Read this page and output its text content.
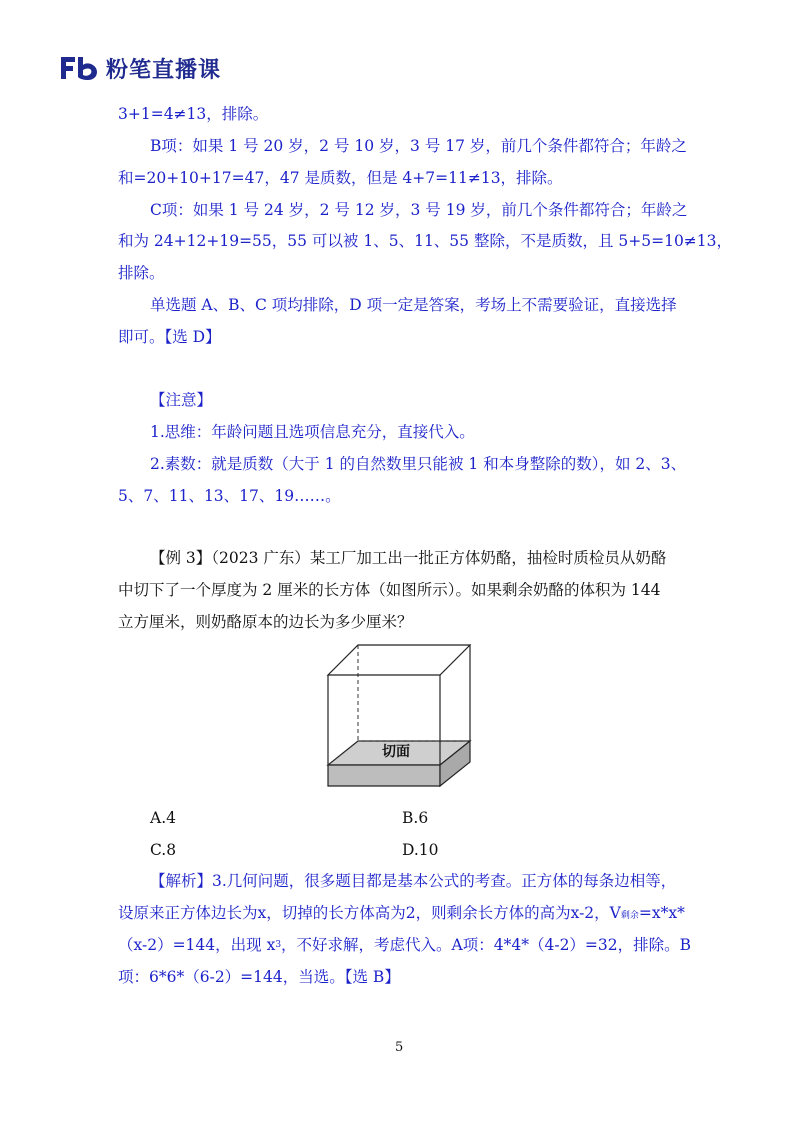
粉笔直播课
3+1=4≠13，排除。
B项：如果 1 号 20 岁，2 号 10 岁，3 号 17 岁，前几个条件都符合；年龄之
和=20+10+17=47，47 是质数，但是 4+7=11≠13，排除。
C项：如果 1 号 24 岁，2 号 12 岁，3 号 19 岁，前几个条件都符合；年龄之
和为 24+12+19=55，55 可以被 1、5、11、55 整除，不是质数，且 5+5=10≠13，
排除。
单选题 A、B、C 项均排除，D 项一定是答案，考场上不需要验证，直接选择
即可。【选 D】
【注意】
1.思维：年龄问题且选项信息充分，直接代入。
2.素数：就是质数（大于 1 的自然数里只能被 1 和本身整除的数），如 2、3、
5、7、11、13、17、19……。
【例 3】（2023 广东）某工厂加工出一批正方体奶酪，抽检时质检员从奶酪
中切下了一个厚度为 2 厘米的长方体（如图所示）。如果剩余奶酪的体积为 144
立方厘米，则奶酪原本的边长为多少厘米？
切面
A.4	B.6
C.8	D.10
【解析】3.几何问题，很多题目都是基本公式的考查。正方体的每条边相等，
设原来正方体边长为x，切掉的长方体高为2，则剩余长方体的高为x-2，V剩余=x*x*
（x-2）=144，出现 $x^3$，不好求解，考虑代入。A项：4*4*（4-2）=32，排除。B
项：6*6*（6-2）=144，当选。【选 B】
5
